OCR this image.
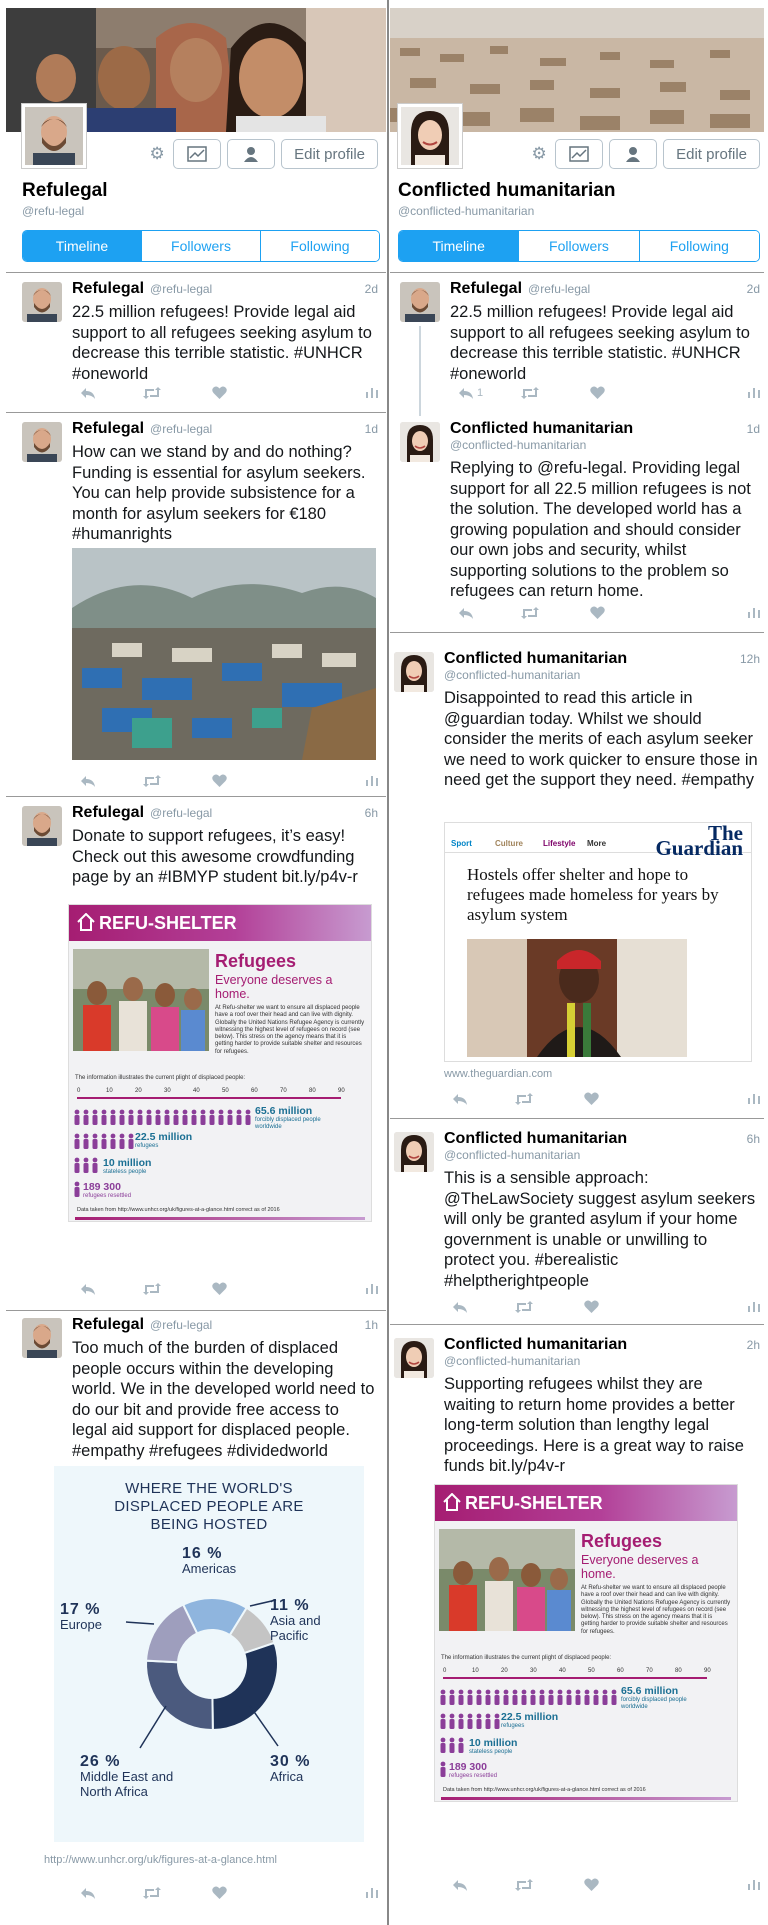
⚙	Edit profile
Refulegal
@refu-legal
Timeline	Followers	Following
Refulegal @refu-legal	2d
22.5 million refugees! Provide legal aid support to all refugees seeking asylum to decrease this terrible statistic. #UNHCR #oneworld
Refulegal @refu-legal	1d
How can we stand by and do nothing? Funding is essential for asylum seekers. You can help provide subsistence for a month for asylum seekers for €180 #humanrights
Refulegal @refu-legal	6h
Donate to support refugees, it’s easy! Check out this awesome crowdfunding page by an #IBMYP student bit.ly/p4v-r
REFU-SHELTER
Refugees
Everyone deserves a home.
At Refu-shelter we want to ensure all displaced people have a roof over their head and can live with dignity. Globally the United Nations Refugee Agency is currently witnessing the highest level of refugees on record (see below). This stress on the agency means that it is getting harder to provide suitable shelter and resources for refugees.
The information illustrates the current plight of displaced people:
0	10	20	30	40	50	60	70	80	90
65.6 million
forcibly displaced people worldwide
22.5 million
refugees
10 million
stateless people
189 300
refugees resettled
Data taken from http://www.unhcr.org/uk/figures-at-a-glance.html correct as of 2016
Refulegal @refu-legal	1h
Too much of the burden of displaced people occurs within the developing world. We in the developed world need to do our bit and provide free access to legal aid support for displaced people. #empathy #refugees #dividedworld
WHERE THE WORLD'S DISPLACED PEOPLE ARE BEING HOSTED
16 %
Americas
11 %
Asia and
Pacific
17 %
Europe
30 %
Africa
26 %
Middle East and
North Africa
http://www.unhcr.org/uk/figures-at-a-glance.html
⚙	Edit profile
Conflicted humanitarian
@conflicted-humanitarian
Timeline	Followers	Following
Refulegal @refu-legal	2d
22.5 million refugees! Provide legal aid support to all refugees seeking asylum to decrease this terrible statistic. #UNHCR #oneworld
1
Conflicted humanitarian
@conflicted-humanitarian
1d
Replying to @refu-legal. Providing legal support for all 22.5 million refugees is not the solution. The developed world has a growing population and should consider our own jobs and security, whilst supporting solutions to the problem so refugees can return home.
Conflicted humanitarian
@conflicted-humanitarian
12h
Disappointed to read this article in @guardian today. Whilst we should consider the merits of each asylum seeker we need to work quicker to ensure those in need get the support they need. #empathy
Sport	Culture	Lifestyle More	The Guardian
Hostels offer shelter and hope to refugees made homeless for years by asylum system
www.theguardian.com
Conflicted humanitarian
@conflicted-humanitarian
6h
This is a sensible approach: @TheLawSociety suggest asylum seekers will only be granted asylum if your home government is unable or unwilling to protect you. #berealistic #helptherightpeople
Conflicted humanitarian
@conflicted-humanitarian
2h
Supporting refugees whilst they are waiting to return home provides a better long-term solution than lengthy legal proceedings. Here is a great way to raise funds bit.ly/p4v-r
REFU-SHELTER
Refugees
Everyone deserves a home.
At Refu-shelter we want to ensure all displaced people have a roof over their head and can live with dignity. Globally the United Nations Refugee Agency is currently witnessing the highest level of refugees on record (see below). This stress on the agency means that it is getting harder to provide suitable shelter and resources for refugees.
The information illustrates the current plight of displaced people:
0	10	20	30	40	50	60	70	80	90
65.6 million
forcibly displaced people worldwide
22.5 million
refugees
10 million
stateless people
189 300
refugees resettled
Data taken from http://www.unhcr.org/uk/figures-at-a-glance.html correct as of 2016
